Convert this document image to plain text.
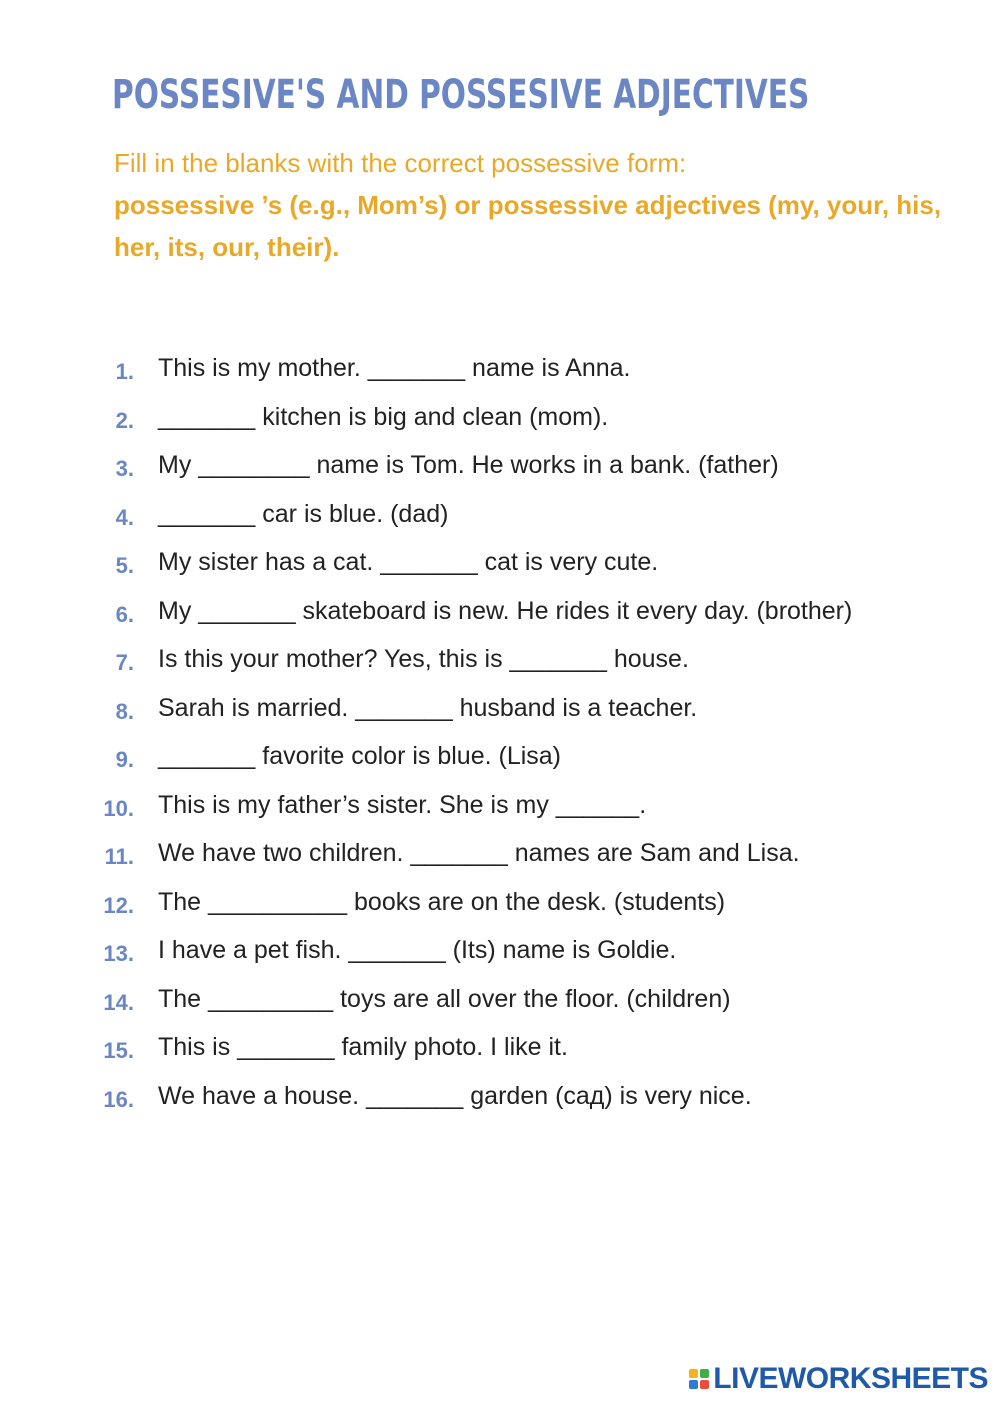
POSSESIVE'S AND POSSESIVE ADJECTIVES
Fill in the blanks with the correct possessive form:
possessive ’s (e.g., Mom’s) or possessive adjectives (my, your, his, her, its, our, their).
1. This is my mother. _______ name is Anna.
2. _______ kitchen is big and clean (mom).
3. My ________ name is Tom. He works in a bank. (father)
4. _______ car is blue. (dad)
5. My sister has a cat. _______ cat is very cute.
6. My _______ skateboard is new. He rides it every day. (brother)
7. Is this your mother? Yes, this is _______ house.
8. Sarah is married. _______ husband is a teacher.
9. _______ favorite color is blue. (Lisa)
10. This is my father’s sister. She is my ______.
11. We have two children. _______ names are Sam and Lisa.
12. The __________ books are on the desk. (students)
13. I have a pet fish. _______ (Its) name is Goldie.
14. The _________ toys are all over the floor. (children)
15. This is _______ family photo. I like it.
16. We have a house. _______ garden (сад) is very nice.
LIVEWORKSHEETS
